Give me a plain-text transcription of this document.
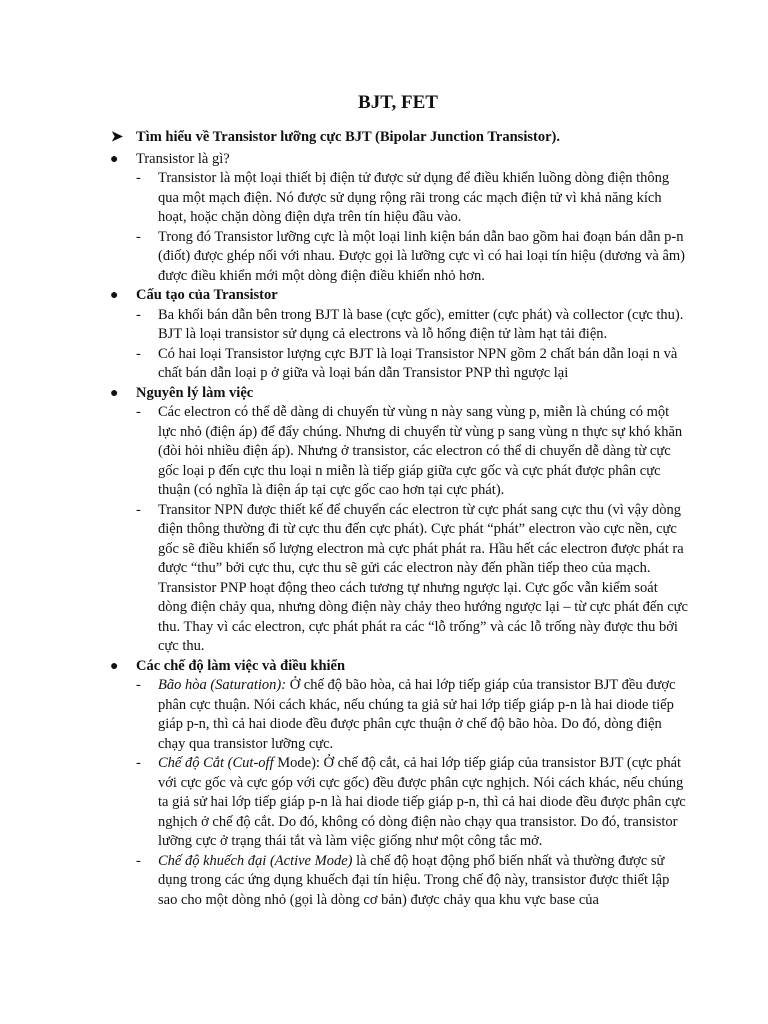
BJT, FET
➤ Tìm hiểu về Transistor lưỡng cực BJT (Bipolar Junction Transistor).
● Transistor là gì?
- Transistor là một loại thiết bị điện tử được sử dụng để điều khiển luồng dòng điện thông qua một mạch điện. Nó được sử dụng rộng rãi trong các mạch điện tử vì khả năng kích hoạt, hoặc chặn dòng điện dựa trên tín hiệu đầu vào.
- Trong đó Transistor lưỡng cực là một loại linh kiện bán dẫn bao gồm hai đoạn bán dẫn p-n (điốt) được ghép nối với nhau. Được gọi là lưỡng cực vì có hai loại tín hiệu (dương và âm) được điều khiển mới một dòng điện điều khiển nhỏ hơn.
● Cấu tạo của Transistor
- Ba khối bán dẫn bên trong BJT là base (cực gốc), emitter (cực phát) và collector (cực thu). BJT là loại transistor sử dụng cả electrons và lỗ hổng điện tử làm hạt tải điện.
- Có hai loại Transistor lượng cực BJT là loại Transistor NPN gồm 2 chất bán dẫn loại n và chất bán dẫn loại p ở giữa và loại bán dẫn Transistor PNP thì ngược lại
● Nguyên lý làm việc
- Các electron có thể dễ dàng di chuyển từ vùng n này sang vùng p, miễn là chúng có một lực nhỏ (điện áp) để đẩy chúng. Nhưng di chuyển từ vùng p sang vùng n thực sự khó khăn (đòi hỏi nhiều điện áp). Nhưng ở transistor, các electron có thể di chuyển dễ dàng từ cực gốc loại p đến cực thu loại n miễn là tiếp giáp giữa cực gốc và cực phát được phân cực thuận (có nghĩa là điện áp tại cực gốc cao hơn tại cực phát).
- Transitor NPN được thiết kế để chuyển các electron từ cực phát sang cực thu (vì vậy dòng điện thông thường đi từ cực thu đến cực phát). Cực phát “phát” electron vào cực nền, cực gốc sẽ điều khiển số lượng electron mà cực phát phát ra. Hầu hết các electron được phát ra được “thu” bởi cực thu, cực thu sẽ gửi các electron này đến phần tiếp theo của mạch. Transistor PNP hoạt động theo cách tương tự nhưng ngược lại. Cực gốc vẫn kiểm soát dòng điện chảy qua, nhưng dòng điện này chảy theo hướng ngược lại – từ cực phát đến cực thu. Thay vì các electron, cực phát phát ra các “lỗ trống” và các lỗ trống này được thu bởi cực thu.
● Các chế độ làm việc và điều khiển
- Bão hòa (Saturation): Ở chế độ bão hòa, cả hai lớp tiếp giáp của transistor BJT đều được phân cực thuận. Nói cách khác, nếu chúng ta giả sử hai lớp tiếp giáp p-n là hai diode tiếp giáp p-n, thì cả hai diode đều được phân cực thuận ở chế độ bão hòa. Do đó, dòng điện chạy qua transistor lưỡng cực.
- Chế độ Cắt (Cut-off Mode): Ở chế độ cắt, cả hai lớp tiếp giáp của transistor BJT (cực phát với cực gốc và cực góp với cực gốc) đều được phân cực nghịch. Nói cách khác, nếu chúng ta giả sử hai lớp tiếp giáp p-n là hai diode tiếp giáp p-n, thì cả hai diode đều được phân cực nghịch ở chế độ cắt. Do đó, không có dòng điện nào chạy qua transistor. Do đó, transistor lưỡng cực ở trạng thái tắt và làm việc giống như một công tắc mở.
- Chế độ khuếch đại (Active Mode) là chế độ hoạt động phổ biến nhất và thường được sử dụng trong các ứng dụng khuếch đại tín hiệu. Trong chế độ này, transistor được thiết lập sao cho một dòng nhỏ (gọi là dòng cơ bản) được chảy qua khu vực base của
